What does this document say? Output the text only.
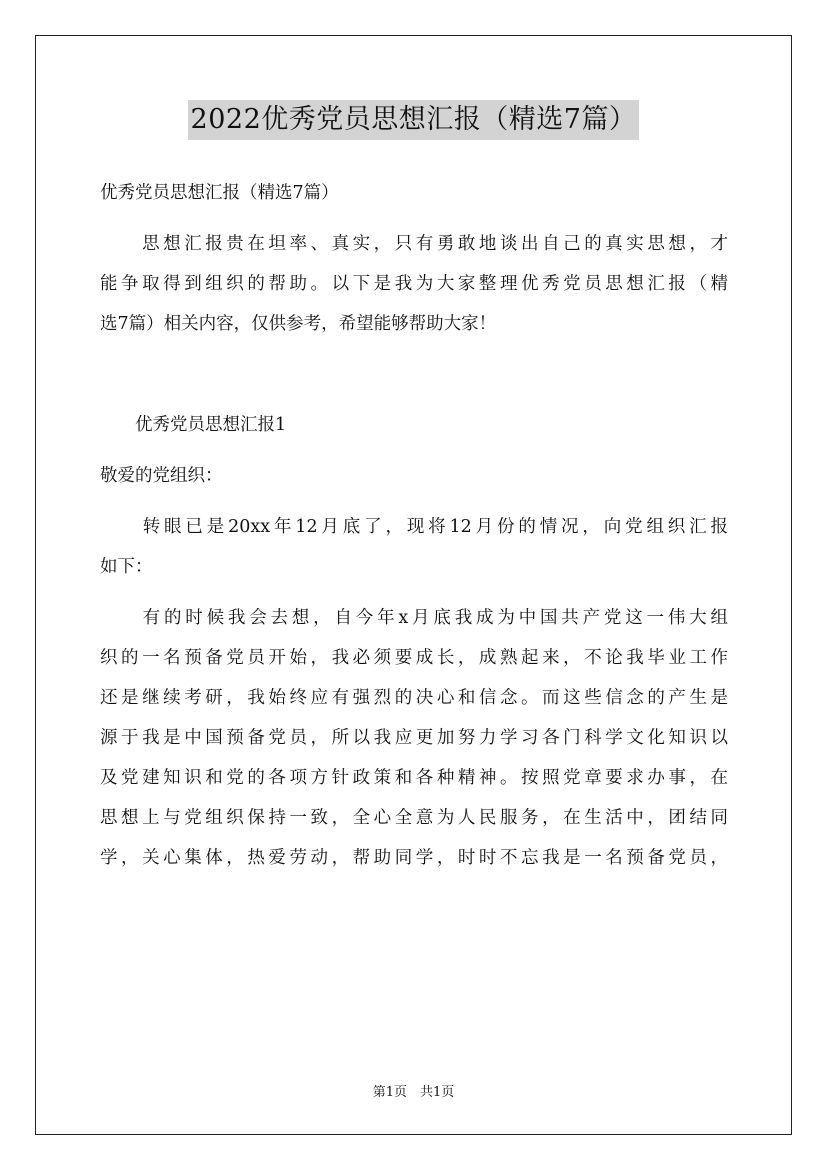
2022优秀党员思想汇报（精选7篇）
优秀党员思想汇报（精选7篇）
　　思想汇报贵在坦率、真实，只有勇敢地谈出自己的真实思想，才
能争取得到组织的帮助。以下是我为大家整理优秀党员思想汇报（精
选7篇）相关内容，仅供参考，希望能够帮助大家！
　　优秀党员思想汇报1
敬爱的党组织：
　　转眼已是20xx年12月底了，现将12月份的情况，向党组织汇报
如下：
　　有的时候我会去想，自今年x月底我成为中国共产党这一伟大组
织的一名预备党员开始，我必须要成长，成熟起来，不论我毕业工作
还是继续考研，我始终应有强烈的决心和信念。而这些信念的产生是
源于我是中国预备党员，所以我应更加努力学习各门科学文化知识以
及党建知识和党的各项方针政策和各种精神。按照党章要求办事，在
思想上与党组织保持一致，全心全意为人民服务，在生活中，团结同
学，关心集体，热爱劳动，帮助同学，时时不忘我是一名预备党员，
第1页　共1页
